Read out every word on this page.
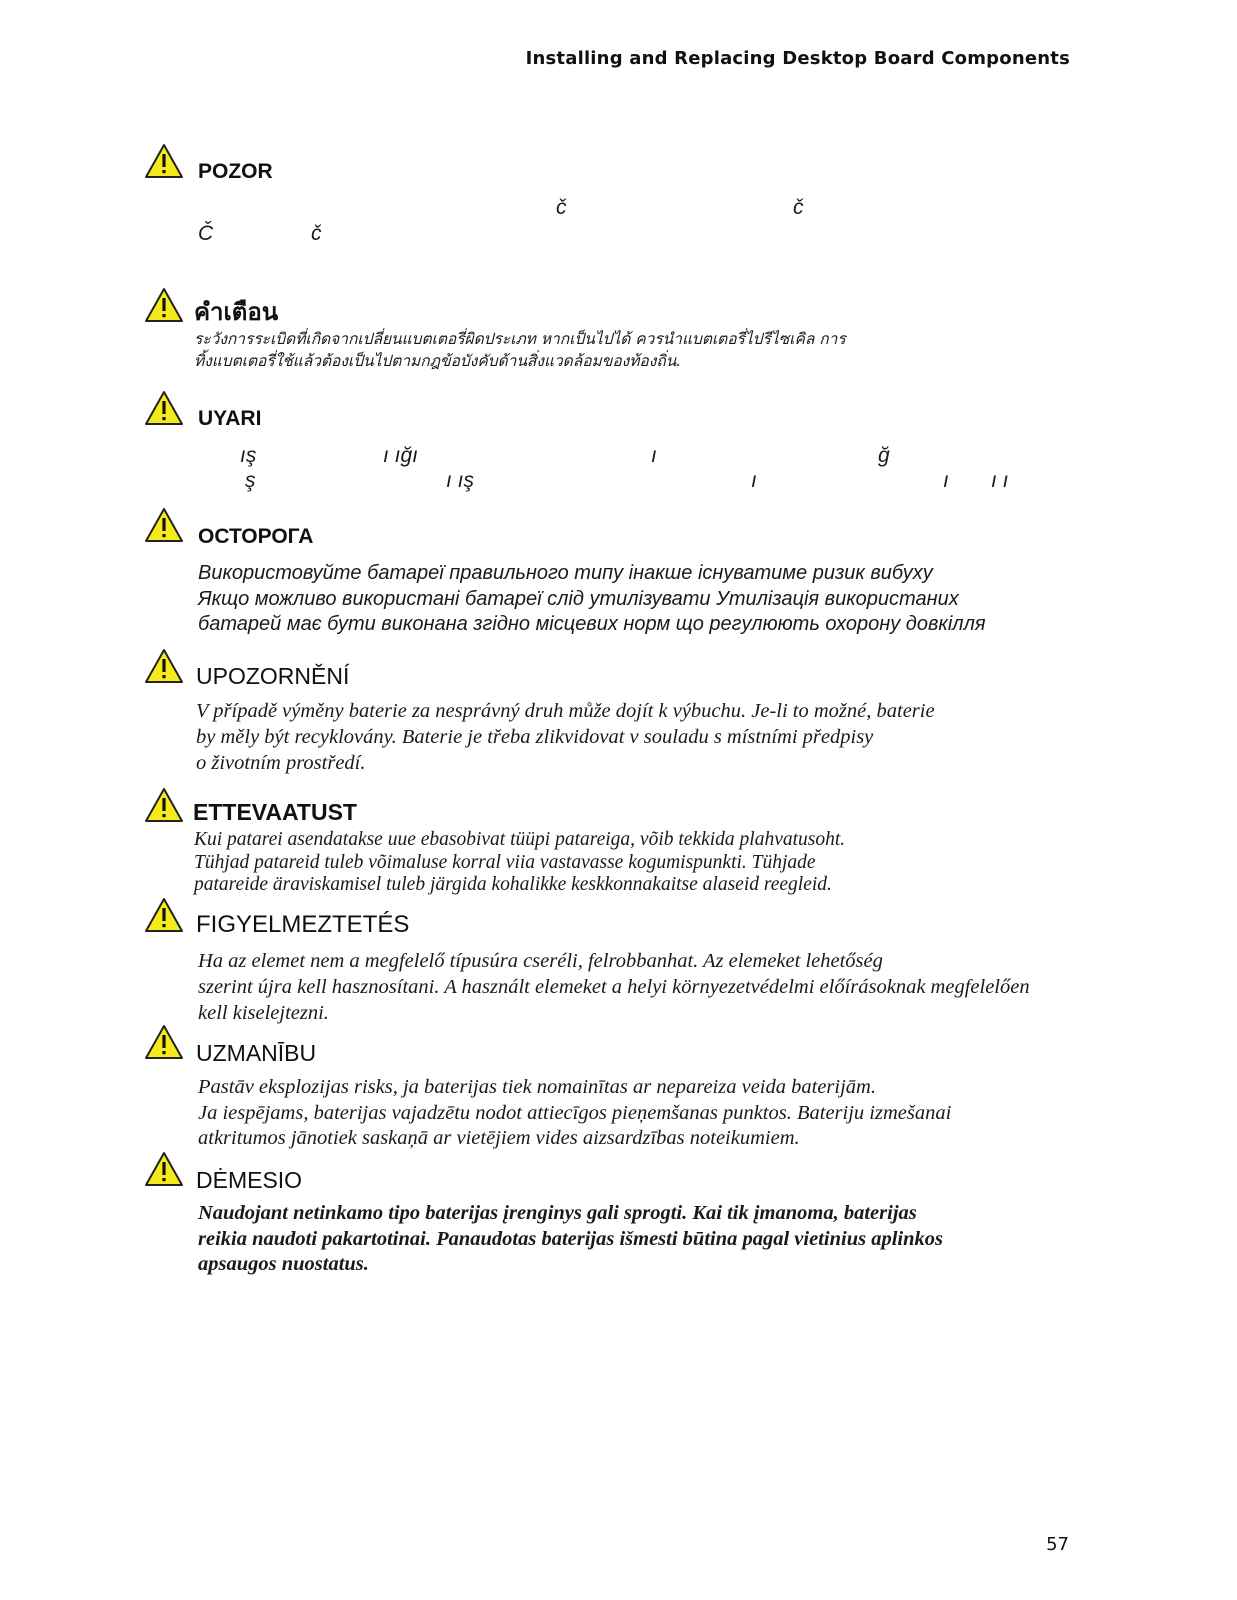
Installing and Replacing Desktop Board Components
POZOR
č	č
Č	č
คำเตือน
ระวังการระเบิดที่เกิดจากเปลี่ยนแบตเตอรี่ผิดประเภท หากเป็นไปได้ ควรนำแบตเตอรี่ไปรีไซเคิล การ
ทิ้งแบตเตอรี่ใช้แล้วต้องเป็นไปตามกฎข้อบังคับด้านสิ่งแวดล้อมของท้องถิ่น.
UYARI
ış	ı ığı	ı	ğ
ş	ı ış	ı	ı ı ı
ОСТОРОГА
Використовуйте батареї правильного типу інакше існуватиме ризик вибуху
Якщо можливо використані батареї слід утилізувати Утилізація використаних
батарей має бути виконана згідно місцевих норм що регулюють охорону довкілля
UPOZORNĚNÍ
V případě výměny baterie za nesprávný druh může dojít k výbuchu. Je-li to možné, baterie
by měly být recyklovány. Baterie je třeba zlikvidovat v souladu s místními předpisy
o životním prostředí.
ETTEVAATUST
Kui patarei asendatakse uue ebasobivat tüüpi patareiga, võib tekkida plahvatusoht.
Tühjad patareid tuleb võimaluse korral viia vastavasse kogumispunkti. Tühjade
patareide äraviskamisel tuleb järgida kohalikke keskkonnakaitse alaseid reegleid.
FIGYELMEZTETÉS
Ha az elemet nem a megfelelő típusúra cseréli, felrobbanhat. Az elemeket lehetőség
szerint újra kell hasznosítani. A használt elemeket a helyi környezetvédelmi előírásoknak megfelelően
kell kiselejtezni.
UZMANĪBU
Pastāv eksplozijas risks, ja baterijas tiek nomainītas ar nepareiza veida baterijām.
Ja iespējams, baterijas vajadzētu nodot attiecīgos pieņemšanas punktos. Bateriju izmešanai
atkritumos jānotiek saskaņā ar vietējiem vides aizsardzības noteikumiem.
DĖMESIO
Naudojant netinkamo tipo baterijas įrenginys gali sprogti. Kai tik įmanoma, baterijas
reikia naudoti pakartotinai. Panaudotas baterijas išmesti būtina pagal vietinius aplinkos
apsaugos nuostatus.
57
